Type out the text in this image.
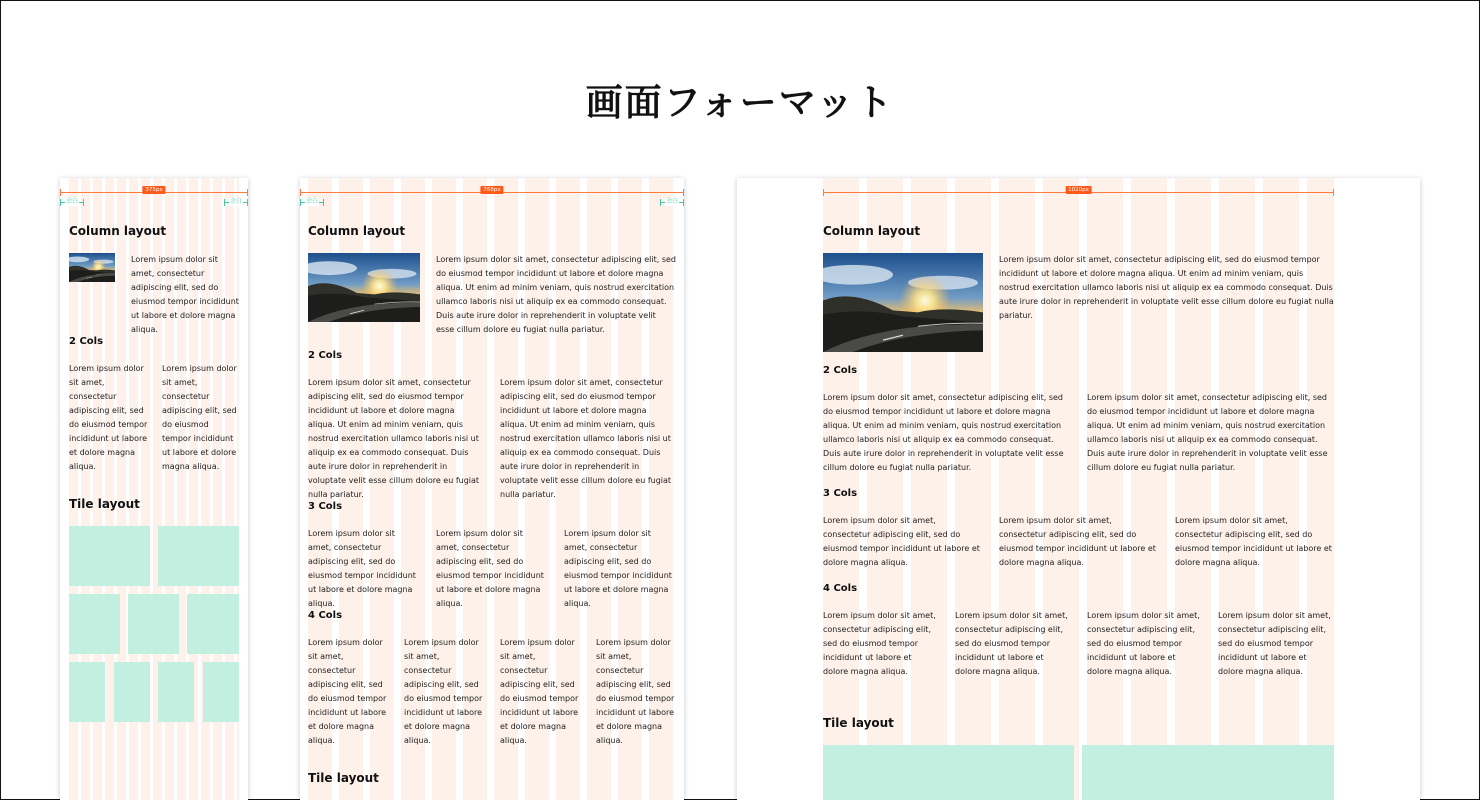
画面フォーマット
375px
余白	余白
Column layout
Lorem ipsum dolor sit amet, consectetur adipiscing elit, sed do eiusmod tempor incididunt ut labore et dolore magna aliqua.
2 Cols
Lorem ipsum dolor sit amet, consectetur adipiscing elit, sed do eiusmod tempor incididunt ut labore et dolore magna aliqua.
Lorem ipsum dolor sit amet, consectetur adipiscing elit, sed do eiusmod tempor incididunt ut labore et dolore magna aliqua.
Tile layout
768px
余白	余白
Column layout
Lorem ipsum dolor sit amet, consectetur adipiscing elit, sed do eiusmod tempor incididunt ut labore et dolore magna aliqua. Ut enim ad minim veniam, quis nostrud exercitation ullamco laboris nisi ut aliquip ex ea commodo consequat. Duis aute irure dolor in reprehenderit in voluptate velit esse cillum dolore eu fugiat nulla pariatur.
2 Cols
Lorem ipsum dolor sit amet, consectetur adipiscing elit, sed do eiusmod tempor incididunt ut labore et dolore magna aliqua. Ut enim ad minim veniam, quis nostrud exercitation ullamco laboris nisi ut aliquip ex ea commodo consequat. Duis aute irure dolor in reprehenderit in voluptate velit esse cillum dolore eu fugiat nulla pariatur.
Lorem ipsum dolor sit amet, consectetur adipiscing elit, sed do eiusmod tempor incididunt ut labore et dolore magna aliqua. Ut enim ad minim veniam, quis nostrud exercitation ullamco laboris nisi ut aliquip ex ea commodo consequat. Duis aute irure dolor in reprehenderit in voluptate velit esse cillum dolore eu fugiat nulla pariatur.
3 Cols
Lorem ipsum dolor sit amet, consectetur adipiscing elit, sed do eiusmod tempor incididunt ut labore et dolore magna aliqua.
Lorem ipsum dolor sit amet, consectetur adipiscing elit, sed do eiusmod tempor incididunt ut labore et dolore magna aliqua.
Lorem ipsum dolor sit amet, consectetur adipiscing elit, sed do eiusmod tempor incididunt ut labore et dolore magna aliqua.
4 Cols
Lorem ipsum dolor sit amet, consectetur adipiscing elit, sed do eiusmod tempor incididunt ut labore et dolore magna aliqua.
Lorem ipsum dolor sit amet, consectetur adipiscing elit, sed do eiusmod tempor incididunt ut labore et dolore magna aliqua.
Lorem ipsum dolor sit amet, consectetur adipiscing elit, sed do eiusmod tempor incididunt ut labore et dolore magna aliqua.
Lorem ipsum dolor sit amet, consectetur adipiscing elit, sed do eiusmod tempor incididunt ut labore et dolore magna aliqua.
Tile layout
1020px
Column layout
Lorem ipsum dolor sit amet, consectetur adipiscing elit, sed do eiusmod tempor incididunt ut labore et dolore magna aliqua. Ut enim ad minim veniam, quis nostrud exercitation ullamco laboris nisi ut aliquip ex ea commodo consequat. Duis aute irure dolor in reprehenderit in voluptate velit esse cillum dolore eu fugiat nulla pariatur.
2 Cols
Lorem ipsum dolor sit amet, consectetur adipiscing elit, sed do eiusmod tempor incididunt ut labore et dolore magna aliqua. Ut enim ad minim veniam, quis nostrud exercitation ullamco laboris nisi ut aliquip ex ea commodo consequat. Duis aute irure dolor in reprehenderit in voluptate velit esse cillum dolore eu fugiat nulla pariatur.
Lorem ipsum dolor sit amet, consectetur adipiscing elit, sed do eiusmod tempor incididunt ut labore et dolore magna aliqua. Ut enim ad minim veniam, quis nostrud exercitation ullamco laboris nisi ut aliquip ex ea commodo consequat. Duis aute irure dolor in reprehenderit in voluptate velit esse cillum dolore eu fugiat nulla pariatur.
3 Cols
Lorem ipsum dolor sit amet, consectetur adipiscing elit, sed do eiusmod tempor incididunt ut labore et dolore magna aliqua.
Lorem ipsum dolor sit amet, consectetur adipiscing elit, sed do eiusmod tempor incididunt ut labore et dolore magna aliqua.
Lorem ipsum dolor sit amet, consectetur adipiscing elit, sed do eiusmod tempor incididunt ut labore et dolore magna aliqua.
4 Cols
Lorem ipsum dolor sit amet, consectetur adipiscing elit, sed do eiusmod tempor incididunt ut labore et dolore magna aliqua.
Lorem ipsum dolor sit amet, consectetur adipiscing elit, sed do eiusmod tempor incididunt ut labore et dolore magna aliqua.
Lorem ipsum dolor sit amet, consectetur adipiscing elit, sed do eiusmod tempor incididunt ut labore et dolore magna aliqua.
Lorem ipsum dolor sit amet, consectetur adipiscing elit, sed do eiusmod tempor incididunt ut labore et dolore magna aliqua.
Tile layout
